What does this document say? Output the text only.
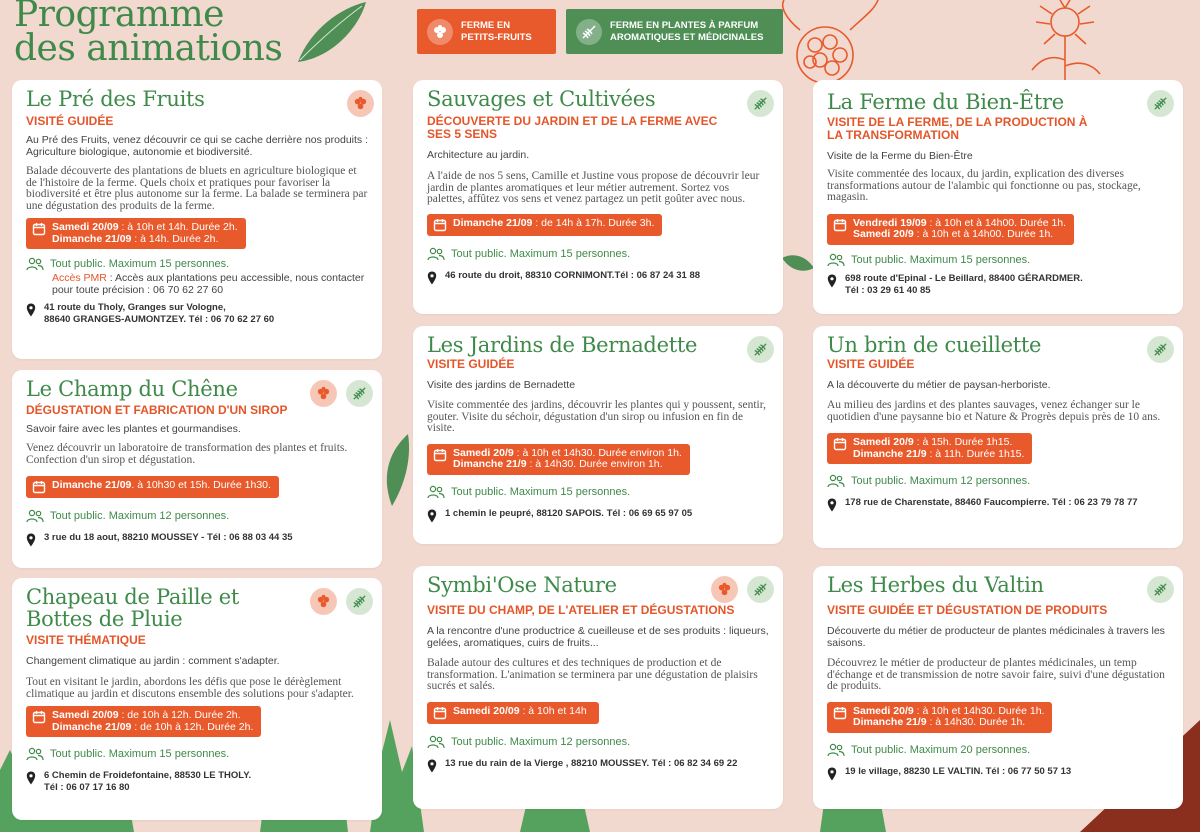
Programme
des animations
FERME EN
PETITS-FRUITS
FERME EN PLANTES À PARFUM
AROMATIQUES ET MÉDICINALES
Le Pré des Fruits
VISITÉ GUIDÉE
Au Pré des Fruits, venez découvrir ce qui se cache derrière nos produits : Agriculture biologique, autonomie et biodiversité.
Balade découverte des plantations de bluets en agriculture biologique et de l'histoire de la ferme. Quels choix et pratiques pour favoriser la biodiversité et être plus autonome sur la ferme. La balade se terminera par une dégustation des produits de la ferme.
Samedi 20/09 : à 10h et 14h. Durée 2h.
Dimanche 21/09 : à 14h. Durée 2h.
Tout public. Maximum 15 personnes.
Accès PMR : Accès aux plantations peu accessible, nous contacter pour toute précision : 06 70 62 27 60
41 route du Tholy, Granges sur Vologne,
88640 GRANGES-AUMONTZEY. Tél : 06 70 62 27 60
Le Champ du Chêne
DÉGUSTATION ET FABRICATION D'UN SIROP
Savoir faire avec les plantes et gourmandises.
Venez découvrir un laboratoire de transformation des plantes et fruits. Confection d'un sirop et dégustation.
Dimanche 21/09. à 10h30 et 15h. Durée 1h30.
Tout public. Maximum 12 personnes.
3 rue du 18 aout, 88210 MOUSSEY - Tél : 06 88 03 44 35
Chapeau de Paille et
Bottes de Pluie
VISITE THÉMATIQUE
Changement climatique au jardin : comment s'adapter.
Tout en visitant le jardin, abordons les défis que pose le dérèglement climatique au jardin et discutons ensemble des solutions pour s'adapter.
Samedi 20/09 : de 10h à 12h. Durée 2h.
Dimanche 21/09 : de 10h à 12h. Durée 2h.
Tout public. Maximum 15 personnes.
6 Chemin de Froidefontaine, 88530 LE THOLY.
Tél : 06 07 17 16 80
Sauvages et Cultivées
DÉCOUVERTE DU JARDIN ET DE LA FERME AVEC
SES 5 SENS
Architecture au jardin.
A l'aide de nos 5 sens, Camille et Justine vous propose de découvrir leur jardin de plantes aromatiques et leur métier autrement. Sortez vos palettes, affûtez vos sens et venez partagez un petit goûter avec nous.
Dimanche 21/09 : de 14h à 17h. Durée 3h.
Tout public. Maximum 15 personnes.
46 route du droit, 88310 CORNIMONT.Tél : 06 87 24 31 88
Les Jardins de Bernadette
VISITE GUIDÉE
Visite des jardins de Bernadette
Visite commentée des jardins, découvrir les plantes qui y poussent, sentir, gouter. Visite du séchoir, dégustation d'un sirop ou infusion en fin de visite.
Samedi 20/9 : à 10h et 14h30. Durée environ 1h.
Dimanche 21/9 : à 14h30. Durée environ 1h.
Tout public. Maximum 15 personnes.
1 chemin le peupré, 88120 SAPOIS. Tél : 06 69 65 97 05
Symbi'Ose Nature
VISITE DU CHAMP, DE L'ATELIER ET DÉGUSTATIONS
A la rencontre d'une productrice & cueilleuse et de ses produits : liqueurs, gelées, aromatiques, cuirs de fruits...
Balade autour des cultures et des techniques de production et de transformation. L'animation se terminera par une dégustation de plaisirs sucrés et salés.
Samedi 20/09 : à 10h et 14h
Tout public. Maximum 12 personnes.
13 rue du rain de la Vierge , 88210 MOUSSEY. Tél : 06 82 34 69 22
La Ferme du Bien-Être
VISITE DE LA FERME, DE LA PRODUCTION À
LA TRANSFORMATION
Visite de la Ferme du Bien-Être
Visite commentée des locaux, du jardin, explication des diverses transformations autour de l'alambic qui fonctionne ou pas, stockage, magasin.
Vendredi 19/09 : à 10h et à 14h00. Durée 1h.
Samedi 20/9 : à 10h et à 14h00. Durée 1h.
Tout public. Maximum 15 personnes.
698 route d'Epinal - Le Beillard, 88400 GÉRARDMER.
Tél : 03 29 61 40 85
Un brin de cueillette
VISITE GUIDÉE
A la découverte du métier de paysan-herboriste.
Au milieu des jardins et des plantes sauvages, venez échanger sur le quotidien d'une paysanne bio et Nature & Progrès depuis près de 10 ans.
Samedi 20/9 : à 15h. Durée 1h15.
Dimanche 21/9 : à 11h. Durée 1h15.
Tout public. Maximum 12 personnes.
178 rue de Charenstate, 88460 Faucompierre. Tél : 06 23 79 78 77
Les Herbes du Valtin
VISITE GUIDÉE ET DÉGUSTATION DE PRODUITS
Découverte du métier de producteur de plantes médicinales à travers les saisons.
Découvrez le métier de producteur de plantes médicinales, un temp d'échange et de transmission de notre savoir faire, suivi d'une dégustation de produits.
Samedi 20/9 : à 10h et 14h30. Durée 1h.
Dimanche 21/9 : à 14h30. Durée 1h.
Tout public. Maximum 20 personnes.
19 le village, 88230 LE VALTIN. Tél : 06 77 50 57 13
